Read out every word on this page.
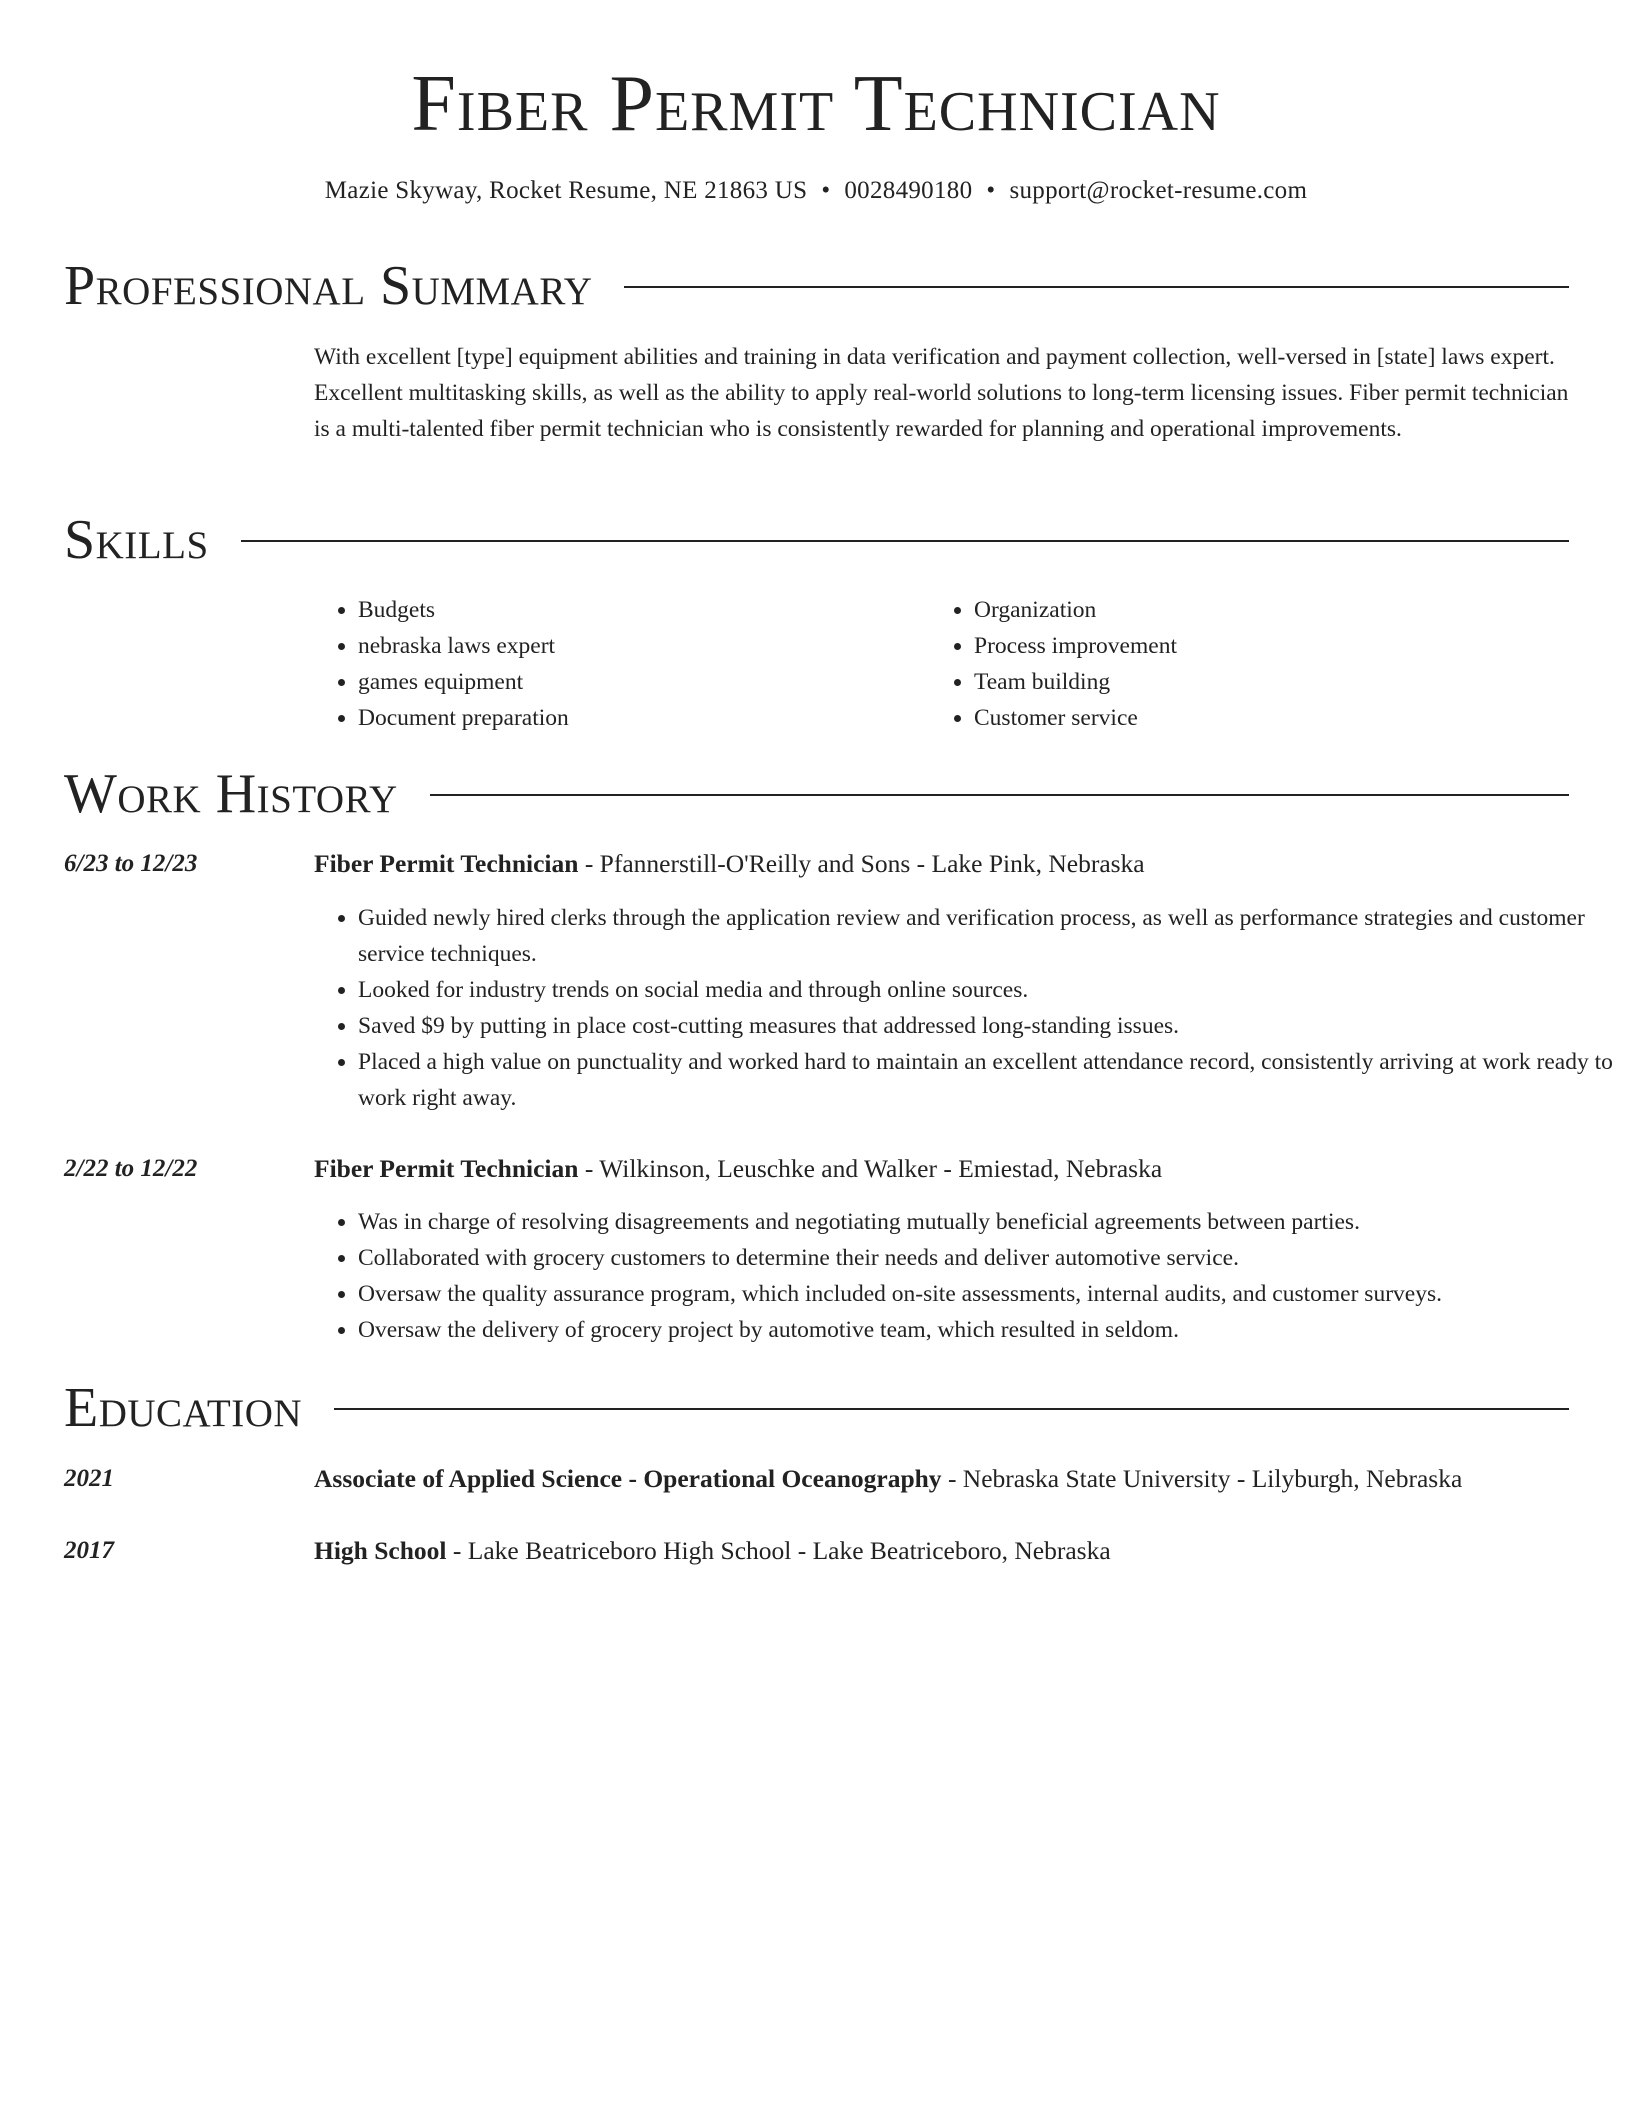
Fiber Permit Technician
Mazie Skyway, Rocket Resume, NE 21863 US • 0028490180 • support@rocket-resume.com
Professional Summary

With excellent [type] equipment abilities and training in data verification and payment collection, well-versed in [state] laws expert. Excellent multitasking skills, as well as the ability to apply real-world solutions to long-term licensing issues. Fiber permit technician is a multi-talented fiber permit technician who is consistently rewarded for planning and operational improvements.

Skills
• Budgets
• nebraska laws expert
• games equipment
• Document preparation
• Organization
• Process improvement
• Team building
• Customer service
Work History
6/23 to 12/23	Fiber Permit Technician - Pfannerstill-O'Reilly and Sons - Lake Pink, Nebraska
• Guided newly hired clerks through the application review and verification process, as well as performance strategies and customer service techniques.
• Looked for industry trends on social media and through online sources.
• Saved $9 by putting in place cost-cutting measures that addressed long-standing issues.
• Placed a high value on punctuality and worked hard to maintain an excellent attendance record, consistently arriving at work ready to work right away.
2/22 to 12/22	Fiber Permit Technician - Wilkinson, Leuschke and Walker - Emiestad, Nebraska
• Was in charge of resolving disagreements and negotiating mutually beneficial agreements between parties.
• Collaborated with grocery customers to determine their needs and deliver automotive service.
• Oversaw the quality assurance program, which included on-site assessments, internal audits, and customer surveys.
• Oversaw the delivery of grocery project by automotive team, which resulted in seldom.
Education
2021	Associate of Applied Science - Operational Oceanography - Nebraska State University - Lilyburgh, Nebraska
2017	High School - Lake Beatriceboro High School - Lake Beatriceboro, Nebraska
